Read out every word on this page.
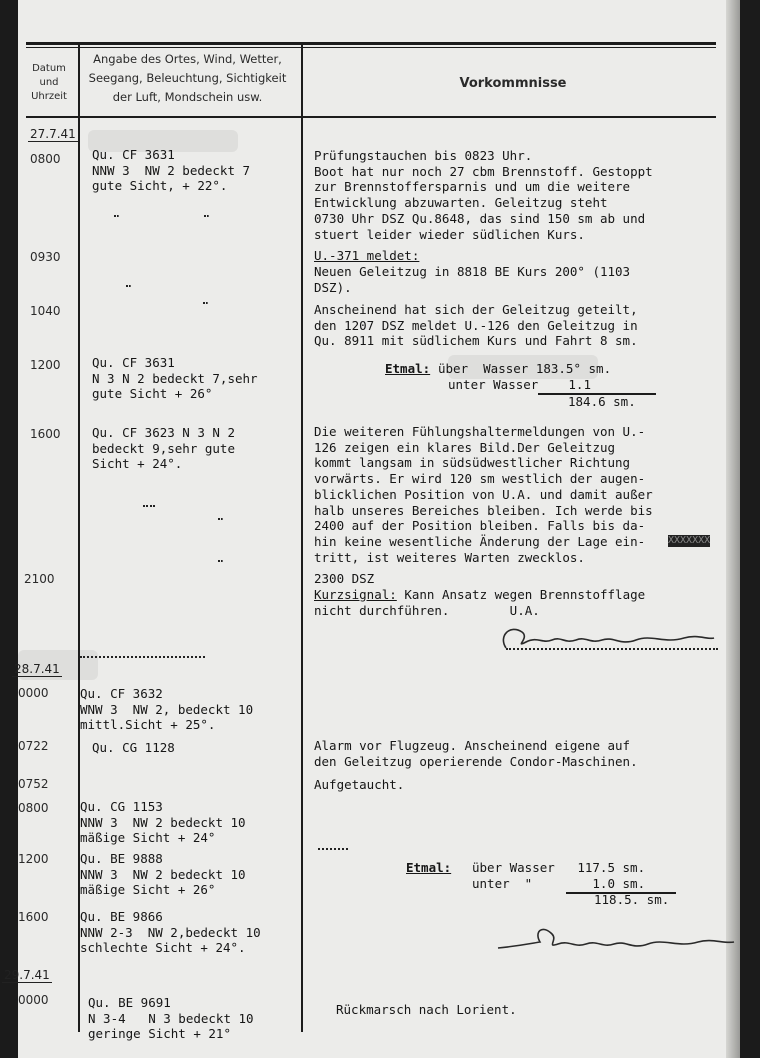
Datum
und
Uhrzeit
Angabe des Ortes, Wind, Wetter,
Seegang, Beleuchtung, Sichtigkeit
der Luft, Mondschein usw.
Vorkommnisse
27.7.41
28.7.41
29.7.41
0800
0930
1040
1200
1600
2100
0000
0722
0752
0800
1200
1600
0000
Qu. CF 3631
NNW 3  NW 2 bedeckt 7
gute Sicht, + 22°.
Qu. CF 3631
N 3 N 2 bedeckt 7,sehr
gute Sicht + 26°
Qu. CF 3623 N 3 N 2
bedeckt 9,sehr gute
Sicht + 24°.
Qu. CF 3632
WNW 3  NW 2, bedeckt 10
mittl.Sicht + 25°.
Qu. CG 1128
Qu. CG 1153
NNW 3  NW 2 bedeckt 10
mäßige Sicht + 24°
Qu. BE 9888
NNW 3  NW 2 bedeckt 10
mäßige Sicht + 26°
Qu. BE 9866
NNW 2-3  NW 2,bedeckt 10
schlechte Sicht + 24°.
Qu. BE 9691
N 3-4   N 3 bedeckt 10
geringe Sicht + 21°
Prüfungstauchen bis 0823 Uhr.
Boot hat nur noch 27 cbm Brennstoff. Gestoppt
zur Brennstoffersparnis und um die weitere
Entwicklung abzuwarten. Geleitzug steht
0730 Uhr DSZ Qu.8648, das sind 150 sm ab und
stuert leider wieder südlichen Kurs.
U.-371 meldet:
Neuen Geleitzug in 8818 BE Kurs 200° (1103
DSZ).
Anscheinend hat sich der Geleitzug geteilt,
den 1207 DSZ meldet U.-126 den Geleitzug in
Qu. 8911 mit südlichem Kurs und Fahrt 8 sm.
Etmal: über  Wasser 183.5° sm.
unter Wasser    1.1
184.6 sm.
Die weiteren Fühlungshaltermeldungen von U.-
126 zeigen ein klares Bild.Der Geleitzug
kommt langsam in südsüdwestlicher Richtung
vorwärts. Er wird 120 sm westlich der augen-
blicklichen Position von U.A. und damit außer
halb unseres Bereiches bleiben. Ich werde bis
2400 auf der Position bleiben. Falls bis da-
hin keine wesentliche Änderung der Lage ein-
tritt, ist weiteres Warten zwecklos.
XXXXXXX
2300 DSZ
Kurzsignal: Kann Ansatz wegen Brennstofflage
nicht durchführen.        U.A.
Alarm vor Flugzeug. Anscheinend eigene auf
den Geleitzug operierende Condor-Maschinen.
Aufgetaucht.
Etmal: über Wasser   117.5 sm.
unter  "        1.0 sm.
118.5. sm.
Rückmarsch nach Lorient.
